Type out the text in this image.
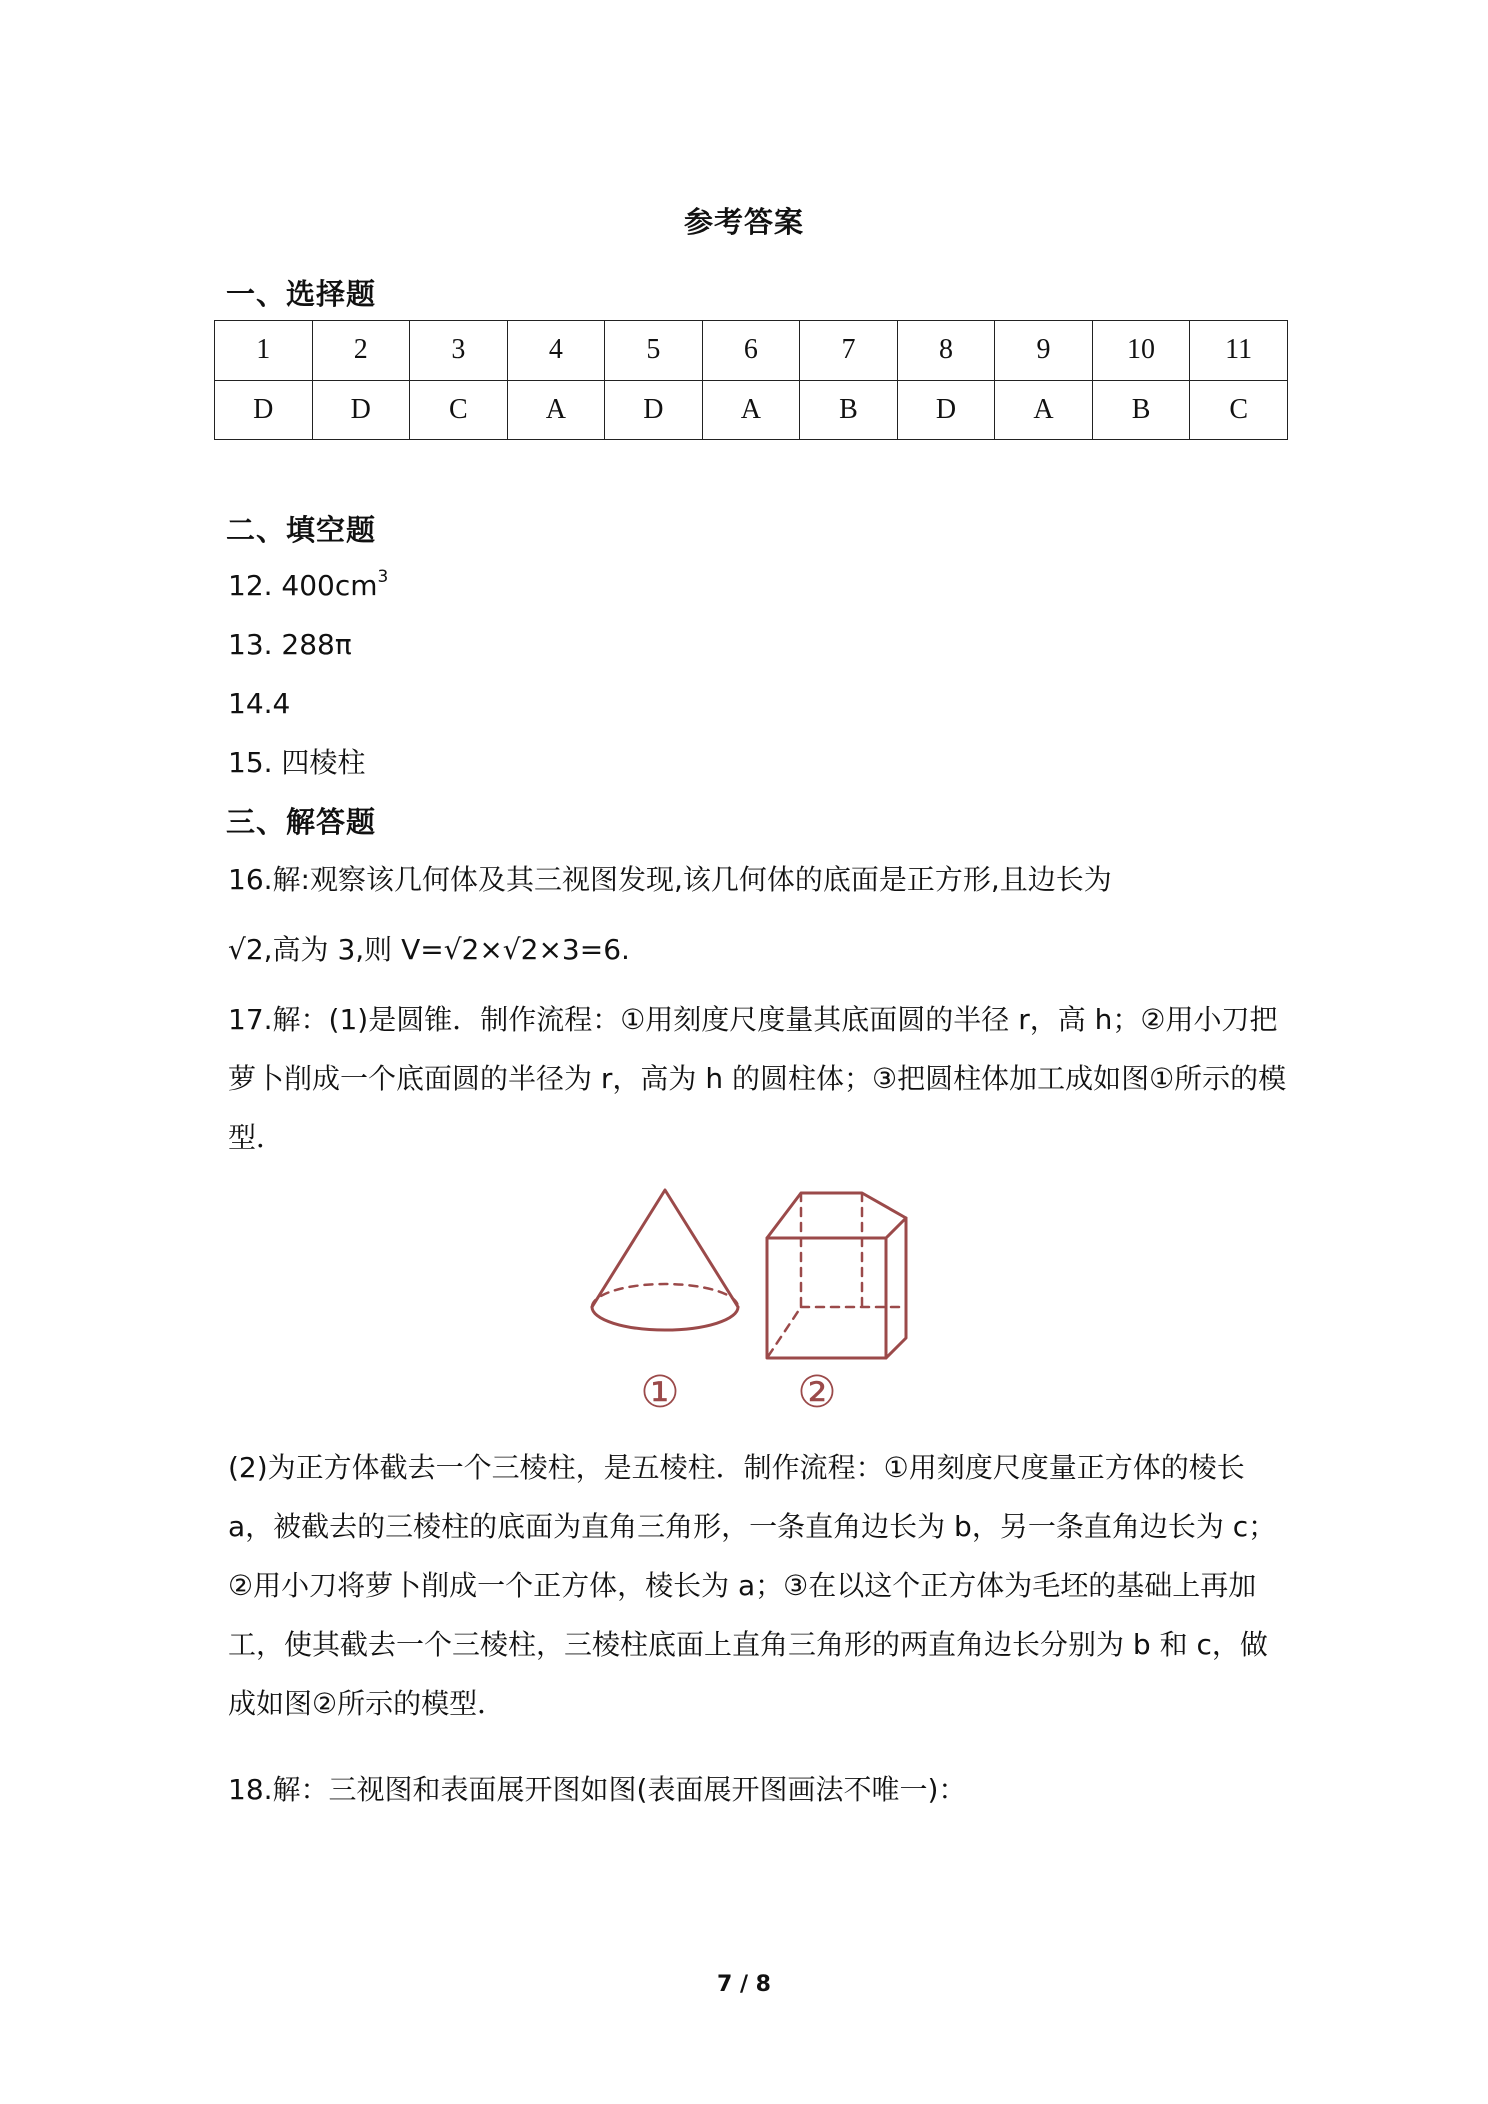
参考答案
一、选择题
1	2	3	4	5	6	7	8	9	10	11
D	D	C	A	D	A	B	D	A	B	C
二、填空题
12. $400cm^3$
13. 288π
14.4
15. 四棱柱
三、解答题
16.解:观察该几何体及其三视图发现,该几何体的底面是正方形,且边长为
√2,高为 3,则 V=√2×√2×3=6.
17.解：(1)是圆锥．制作流程：①用刻度尺度量其底面圆的半径 r，高 h；②用小刀把萝卜削成一个底面圆的半径为 r，高为 h 的圆柱体；③把圆柱体加工成如图①所示的模型．
①	②
(2)为正方体截去一个三棱柱，是五棱柱．制作流程：①用刻度尺度量正方体的棱长 a，被截去的三棱柱的底面为直角三角形，一条直角边长为 b，另一条直角边长为 c；②用小刀将萝卜削成一个正方体，棱长为 a；③在以这个正方体为毛坯的基础上再加工，使其截去一个三棱柱，三棱柱底面上直角三角形的两直角边长分别为 b 和 c，做成如图②所示的模型．
18.解：三视图和表面展开图如图(表面展开图画法不唯一)：
7 / 8
